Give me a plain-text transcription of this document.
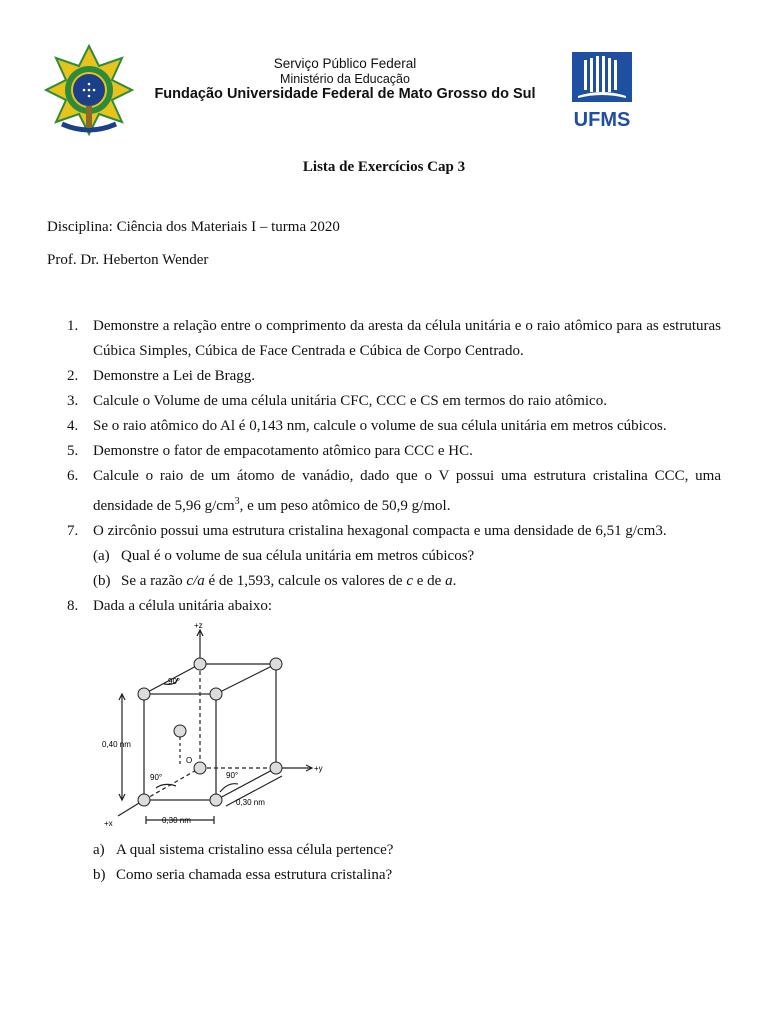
Serviço Público Federal
Ministério da Educação
Fundação Universidade Federal de Mato Grosso do Sul
UFMS
Lista de Exercícios Cap 3
Disciplina: Ciência dos Materiais I – turma 2020
Prof. Dr. Heberton Wender
1. Demonstre a relação entre o comprimento da aresta da célula unitária e o raio atômico para as estruturas Cúbica Simples, Cúbica de Face Centrada e Cúbica de Corpo Centrado.
2. Demonstre a Lei de Bragg.
3. Calcule o Volume de uma célula unitária CFC, CCC e CS em termos do raio atômico.
4. Se o raio atômico do Al é 0,143 nm, calcule o volume de sua célula unitária em metros cúbicos.
5. Demonstre o fator de empacotamento atômico para CCC e HC.
6. Calcule o raio de um átomo de vanádio, dado que o V possui uma estrutura cristalina CCC, uma densidade de 5,96 $g/cm^3$, e um peso atômico de 50,9 g/mol.
7. O zircônio possui uma estrutura cristalina hexagonal compacta e uma densidade de 6,51 g/cm3.
(a) Qual é o volume de sua célula unitária em metros cúbicos?
(b) Se a razão c/a é de 1,593, calcule os valores de c e de a.
8. Dada a célula unitária abaixo:
+z
+y
+x
O
90°
90°	90°
0,40 nm
0,30 nm
0,30 nm
a) A qual sistema cristalino essa célula pertence?
b) Como seria chamada essa estrutura cristalina?
